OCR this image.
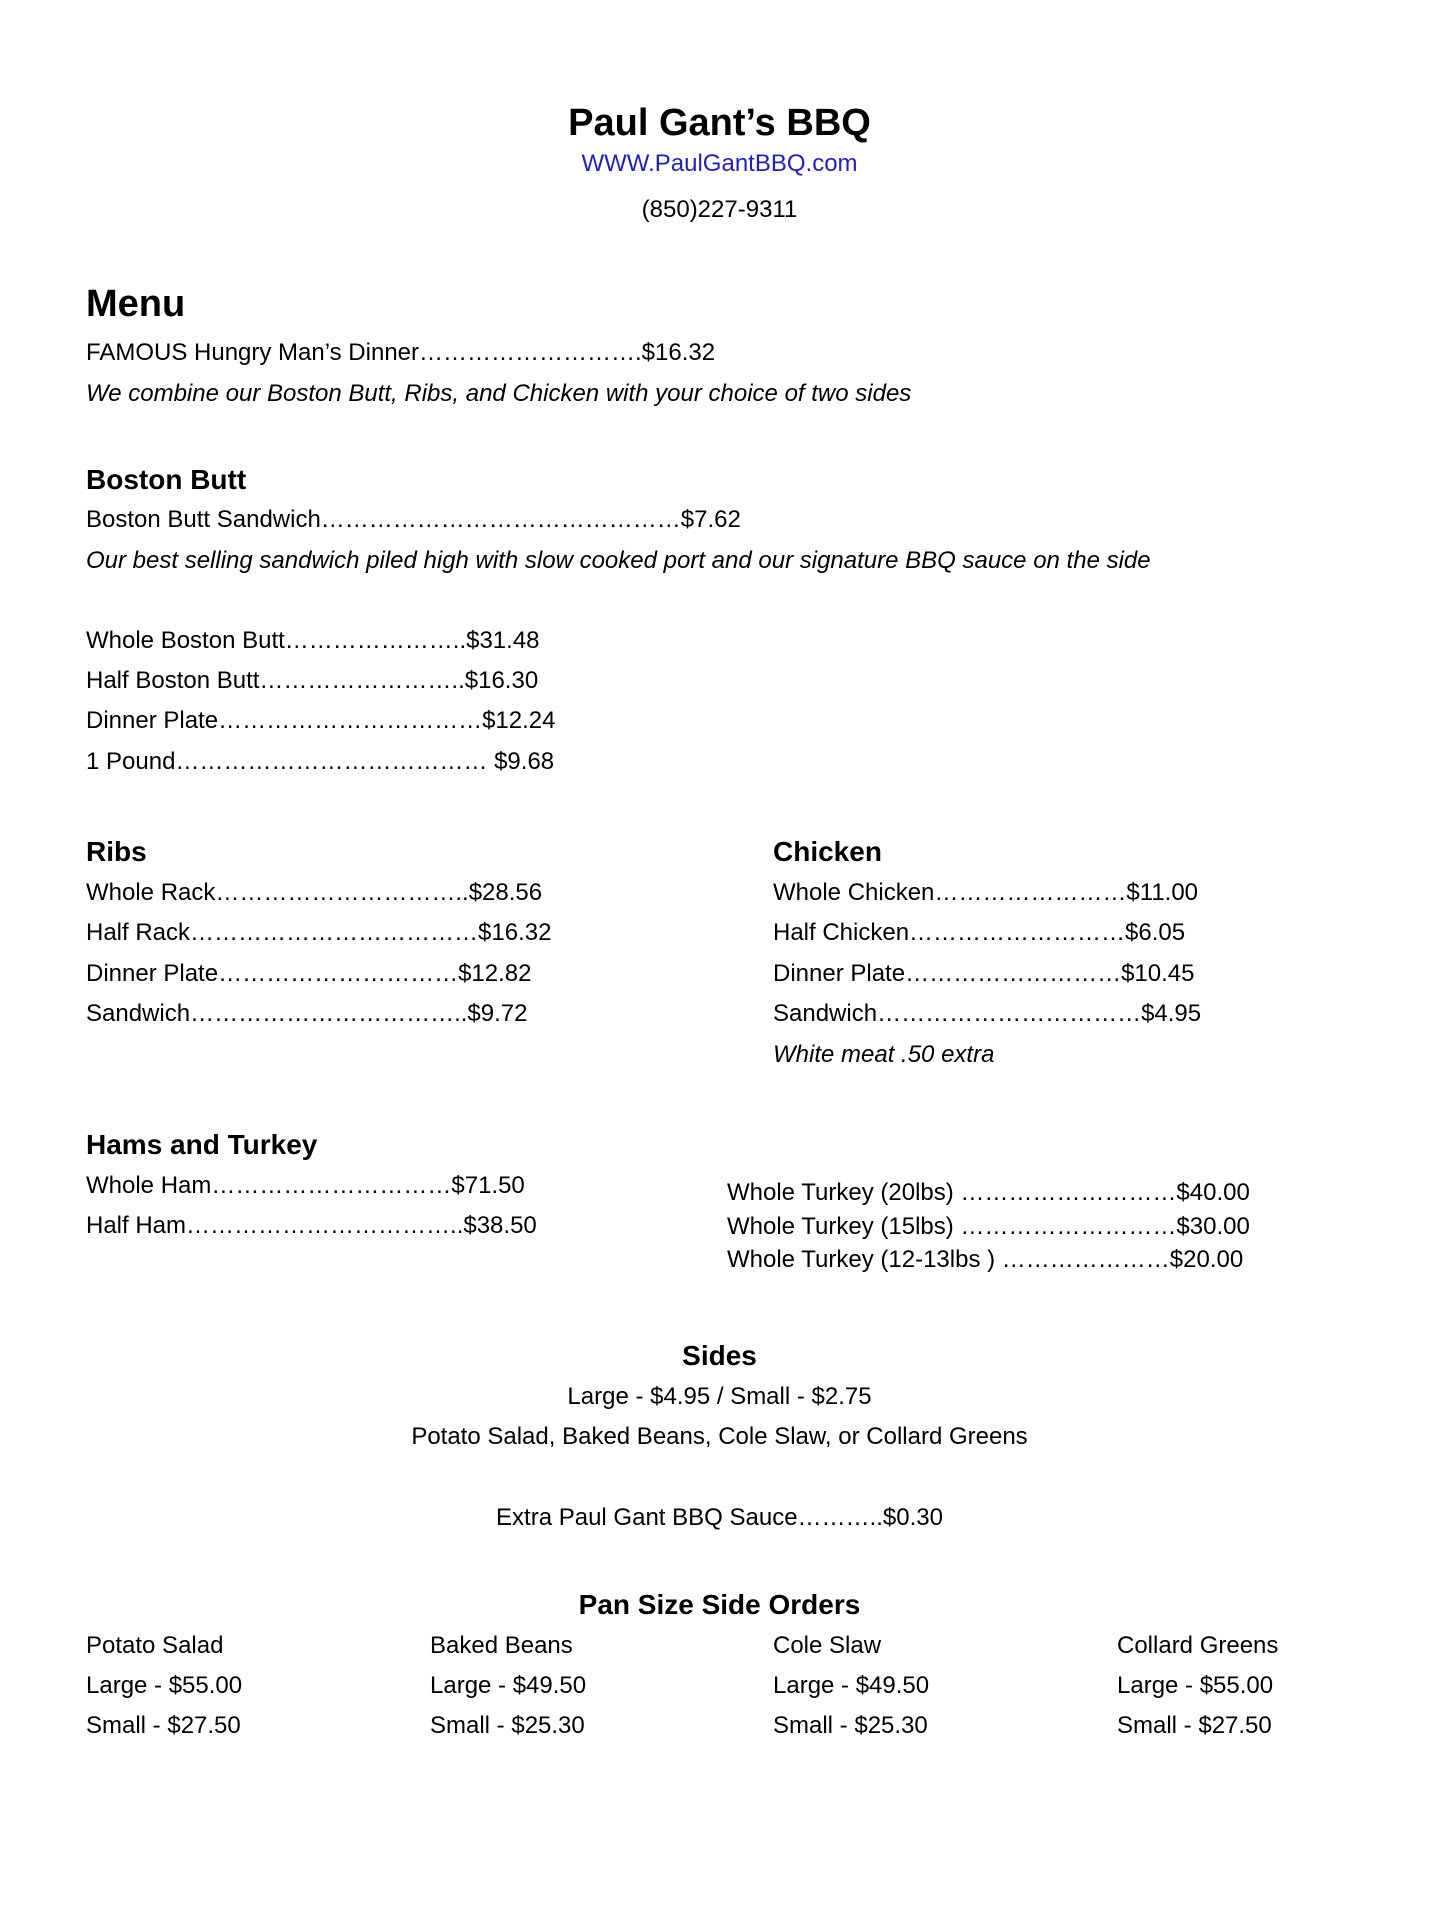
Paul Gant’s BBQ
WWW.PaulGantBBQ.com
(850)227-9311
Menu
FAMOUS Hungry Man’s Dinner……………………….$16.32
We combine our Boston Butt, Ribs, and Chicken with your choice of two sides
Boston Butt
Boston Butt Sandwich………………………………………$7.62
Our best selling sandwich piled high with slow cooked port and our signature BBQ sauce on the side
Whole Boston Butt…………………..$31.48
Half Boston Butt……………………..$16.30
Dinner Plate……………………………$12.24
1 Pound………………………………… $9.68
Ribs
Whole Rack…………………………..$28.56
Half Rack………………………………$16.32
Dinner Plate…………………………$12.82
Sandwich……………………………..$9.72
Chicken
Whole Chicken……………………$11.00
Half Chicken………………………$6.05
Dinner Plate………………………$10.45
Sandwich……………………………$4.95
White meat .50 extra
Hams and Turkey
Whole Ham…………………………$71.50
Half Ham……………………………..$38.50
Whole Turkey (20lbs) ………………………$40.00
Whole Turkey (15lbs) ………………………$30.00
Whole Turkey (12-13lbs ) …………………$20.00
Sides
Large - $4.95 / Small - $2.75
Potato Salad, Baked Beans, Cole Slaw, or Collard Greens
Extra Paul Gant BBQ Sauce………..$0.30
Pan Size Side Orders
Potato Salad
Large - $55.00
Small - $27.50
Baked Beans
Large - $49.50
Small - $25.30
Cole Slaw
Large - $49.50
Small - $25.30
Collard Greens
Large - $55.00
Small - $27.50
